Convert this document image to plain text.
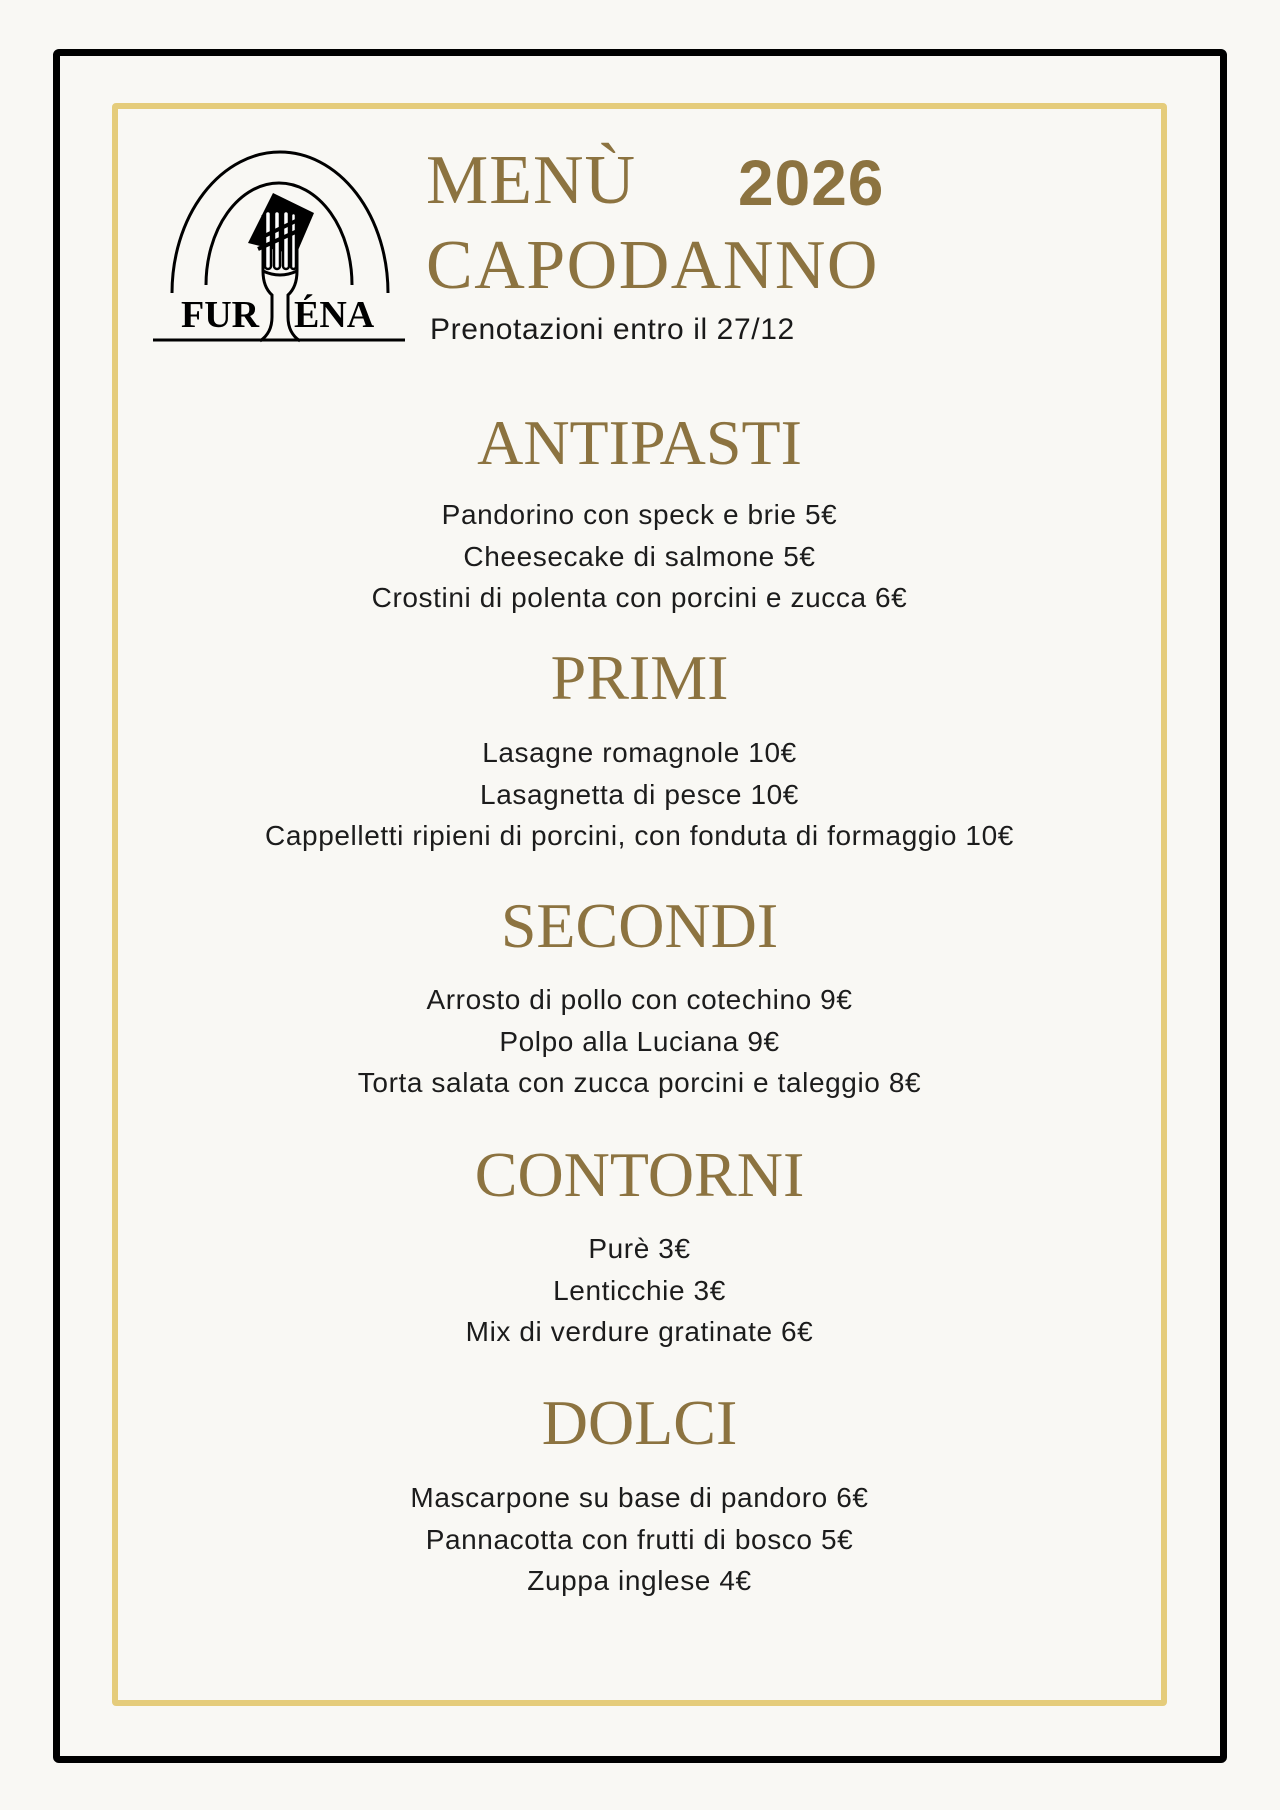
FUR ÉNA
MENÙ 2026
CAPODANNO
Prenotazioni entro il 27/12
ANTIPASTI
Pandorino con speck e brie 5€
Cheesecake di salmone 5€
Crostini di polenta con porcini e zucca 6€
PRIMI
Lasagne romagnole 10€
Lasagnetta di pesce 10€
Cappelletti ripieni di porcini, con fonduta di formaggio 10€
SECONDI
Arrosto di pollo con cotechino 9€
Polpo alla Luciana 9€
Torta salata con zucca porcini e taleggio 8€
CONTORNI
Purè 3€
Lenticchie 3€
Mix di verdure gratinate 6€
DOLCI
Mascarpone su base di pandoro 6€
Pannacotta con frutti di bosco 5€
Zuppa inglese 4€
